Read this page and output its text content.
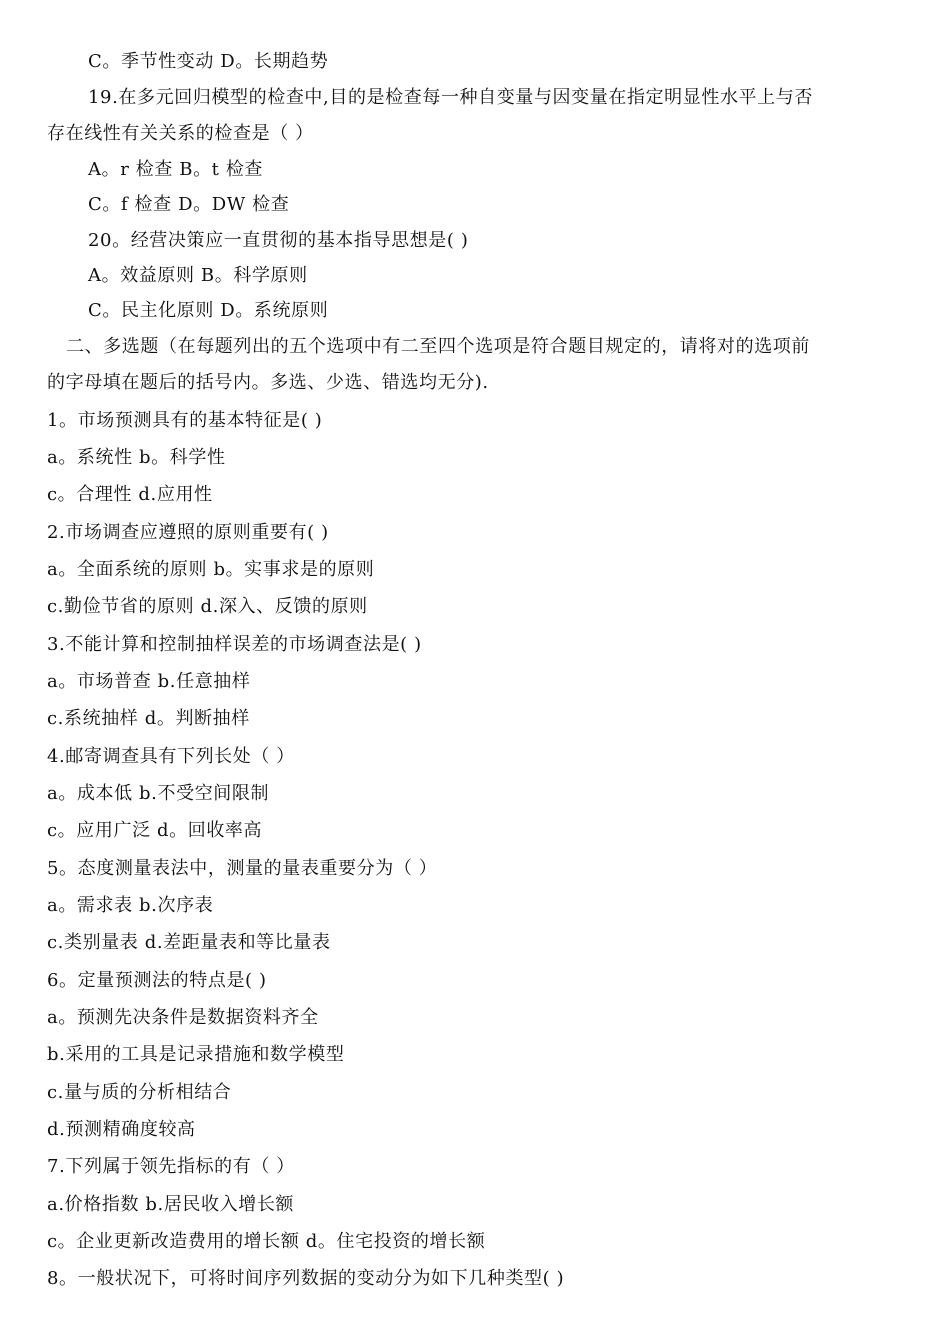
C。季节性变动 D。长期趋势
19.在多元回归模型的检查中,目的是检查每一种自变量与因变量在指定明显性水平上与否
存在线性有关关系的检查是（ ）
A。r 检查 B。t 检查
C。f 检查 D。DW 检查
20。经营决策应一直贯彻的基本指导思想是( )
A。效益原则 B。科学原则
C。民主化原则 D。系统原则
二、多选题（在每题列出的五个选项中有二至四个选项是符合题目规定的，请将对的选项前
的字母填在题后的括号内。多选、少选、错选均无分).
1。市场预测具有的基本特征是( )
a。系统性 b。科学性
c。合理性 d.应用性
2.市场调查应遵照的原则重要有( )
a。全面系统的原则 b。实事求是的原则
c.勤俭节省的原则 d.深入、反馈的原则
3.不能计算和控制抽样误差的市场调查法是( )
a。市场普查 b.任意抽样
c.系统抽样 d。判断抽样
4.邮寄调查具有下列长处（ ）
a。成本低 b.不受空间限制
c。应用广泛 d。回收率高
5。态度测量表法中，测量的量表重要分为（ ）
a。需求表 b.次序表
c.类别量表 d.差距量表和等比量表
6。定量预测法的特点是( )
a。预测先决条件是数据资料齐全
b.采用的工具是记录措施和数学模型
c.量与质的分析相结合
d.预测精确度较高
7.下列属于领先指标的有（ ）
a.价格指数 b.居民收入增长额
c。企业更新改造费用的增长额 d。住宅投资的增长额
8。一般状况下，可将时间序列数据的变动分为如下几种类型( )
